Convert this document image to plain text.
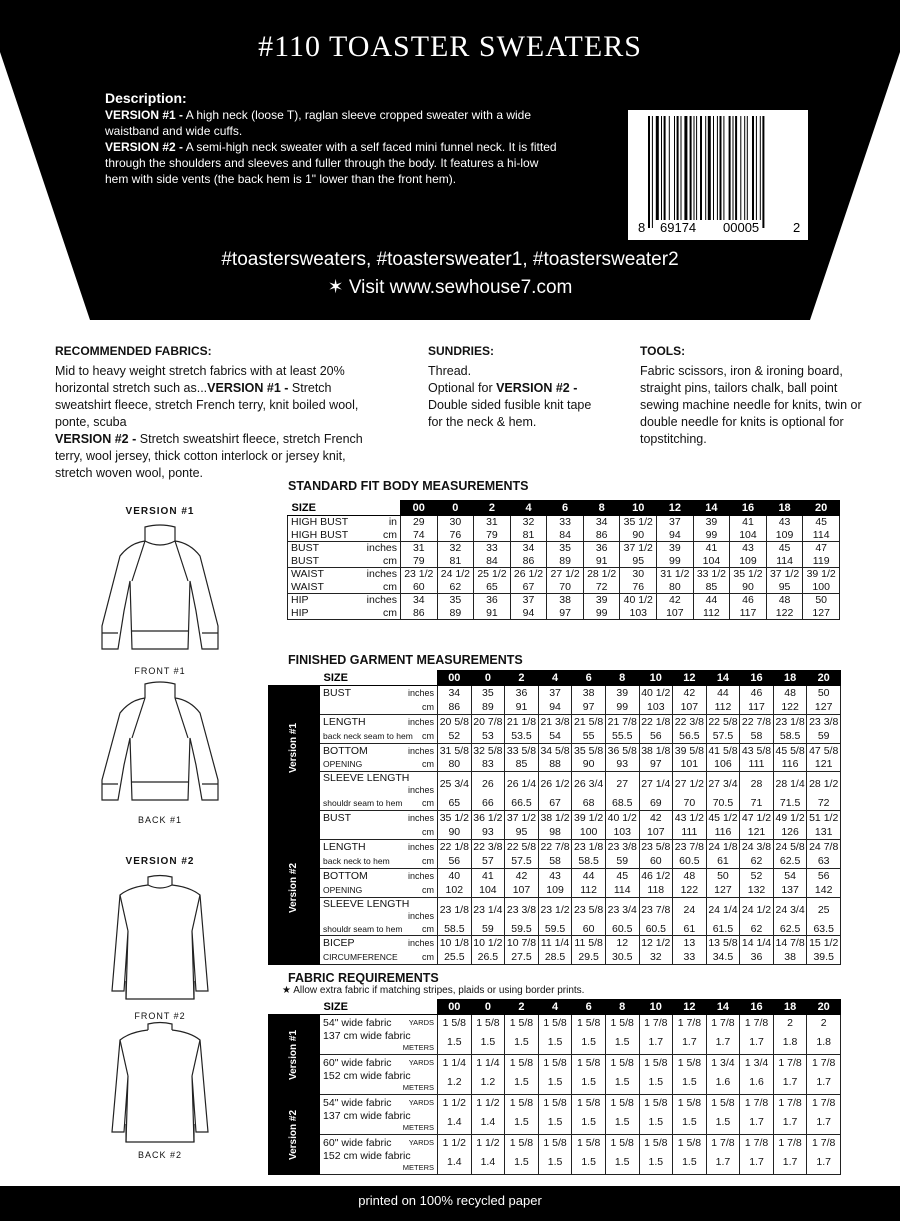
#110 TOASTER SWEATERS
Description:
VERSION #1 - A high neck (loose T), raglan sleeve cropped sweater with a wide waistband and wide cuffs.
VERSION #2 - A semi-high neck sweater with a self faced mini funnel neck. It is fitted through the shoulders and sleeves and fuller through the body. It features a hi-low hem with side vents (the back hem is 1" lower than the front hem).
8 69174 00005	2
#toastersweaters, #toastersweater1, #toastersweater2
✶ Visit www.sewhouse7.com
RECOMMENDED FABRICS:

Mid to heavy weight stretch fabrics with at least 20% horizontal stretch such as...VERSION #1 - Stretch sweatshirt fleece, stretch French terry, knit boiled wool, ponte, scuba

VERSION #2 - Stretch sweatshirt fleece, stretch French terry, wool jersey, thick cotton interlock or jersey knit, stretch woven wool, ponte.

SUNDRIES:

Thread.

Optional for VERSION #2 - Double sided fusible knit tape for the neck & hem.

TOOLS:

Fabric scissors, iron & ironing board, straight pins, tailors chalk, ball point sewing machine needle for knits, twin or double needle for knits is optional for topstitching.

VERSION #1
FRONT #1
BACK #1
VERSION #2
FRONT #2
BACK #2
STANDARD FIT BODY MEASUREMENTS
SIZE	00	0	2	4	6	8	10	12	14	16	18	20
HIGH BUST in	29	30	31	32	33	34	35 1/2	37	39	41	43	45
HIGH BUST cm	74	76	79	81	84	86	90	94	99	104	109	114
BUST inches	31	32	33	34	35	36	37 1/2	39	41	43	45	47
BUST cm	79	81	84	86	89	91	95	99	104	109	114	119
WAIST inches	23 1/2	24 1/2	25 1/2	26 1/2	27 1/2	28 1/2	30	31 1/2	33 1/2	35 1/2	37 1/2	39 1/2
WAIST cm	60	62	65	67	70	72	76	80	85	90	95	100
HIP inches	34	35	36	37	38	39	40 1/2	42	44	46	48	50
HIP cm	86	89	91	94	97	99	103	107	112	117	122	127
FINISHED GARMENT MEASUREMENTS
	SIZE	00	0	2	4	6	8	10	12	14	16	18	20
Version #1	BUST inches	34	35	36	37	38	39	40 1/2	42	44	46	48	50

	cm	86	89	91	94	97	99	103	107	112	117	122	127
	LENGTH inches	20 5/8	20 7/8	21 1/8	21 3/8	21 5/8	21 7/8	22 1/8	22 3/8	22 5/8	22 7/8	23 1/8	23 3/8
	back neck seam to hem cm	52	53	53.5	54	55	55.5	56	56.5	57.5	58	58.5	59
	BOTTOM inches	31 5/8	32 5/8	33 5/8	34 5/8	35 5/8	36 5/8	38 1/8	39 5/8	41 5/8	43 5/8	45 5/8	47 5/8
	OPENING cm	80	83	85	88	90	93	97	101	106	111	116	121
	SLEEVE LENGTH
inches	25 3/4	26	26 1/4	26 1/2	26 3/4	27	27 1/4	27 1/2	27 3/4	28	28 1/4	28 1/2
	shouldr seam to hem cm	65	66	66.5	67	68	68.5	69	70	70.5	71	71.5	72
Version #2	BUST inches	35 1/2	36 1/2	37 1/2	38 1/2	39 1/2	40 1/2	42	43 1/2	45 1/2	47 1/2	49 1/2	51 1/2

	cm	90	93	95	98	100	103	107	111	116	121	126	131
	LENGTH inches	22 1/8	22 3/8	22 5/8	22 7/8	23 1/8	23 3/8	23 5/8	23 7/8	24 1/8	24 3/8	24 5/8	24 7/8
	back neck to hem cm	56	57	57.5	58	58.5	59	60	60.5	61	62	62.5	63
	BOTTOM inches	40	41	42	43	44	45	46 1/2	48	50	52	54	56
	OPENING cm	102	104	107	109	112	114	118	122	127	132	137	142
	SLEEVE LENGTH
inches	23 1/8	23 1/4	23 3/8	23 1/2	23 5/8	23 3/4	23 7/8	24	24 1/4	24 1/2	24 3/4	25
	shouldr seam to hem cm	58.5	59	59.5	59.5	60	60.5	60.5	61	61.5	62	62.5	63.5
	BICEP inches	10 1/8	10 1/2	10 7/8	11 1/4	11 5/8	12	12 1/2	13	13 5/8	14 1/4	14 7/8	15 1/2
	CIRCUMFERENCE cm	25.5	26.5	27.5	28.5	29.5	30.5	32	33	34.5	36	38	39.5
FABRIC REQUIREMENTS
★ Allow extra fabric if matching stripes, plaids or using border prints.
	SIZE	00	0	2	4	6	8	10	12	14	16	18	20
Version #1	54" wide fabric YARDS	1 5/8	1 5/8	1 5/8	1 5/8	1 5/8	1 5/8	1 7/8	1 7/8	1 7/8	1 7/8	2	2
	137 cm wide fabric
METERS	1.5	1.5	1.5	1.5	1.5	1.5	1.7	1.7	1.7	1.7	1.8	1.8
	60" wide fabric YARDS	1 1/4	1 1/4	1 5/8	1 5/8	1 5/8	1 5/8	1 5/8	1 5/8	1 3/4	1 3/4	1 7/8	1 7/8
	152 cm wide fabric
METERS	1.2	1.2	1.5	1.5	1.5	1.5	1.5	1.5	1.6	1.6	1.7	1.7
Version #2	54" wide fabric YARDS	1 1/2	1 1/2	1 5/8	1 5/8	1 5/8	1 5/8	1 5/8	1 5/8	1 5/8	1 7/8	1 7/8	1 7/8
	137 cm wide fabric
METERS	1.4	1.4	1.5	1.5	1.5	1.5	1.5	1.5	1.5	1.7	1.7	1.7
	60" wide fabric YARDS	1 1/2	1 1/2	1 5/8	1 5/8	1 5/8	1 5/8	1 5/8	1 5/8	1 7/8	1 7/8	1 7/8	1 7/8
	152 cm wide fabric
METERS	1.4	1.4	1.5	1.5	1.5	1.5	1.5	1.5	1.7	1.7	1.7	1.7
printed on 100% recycled paper
